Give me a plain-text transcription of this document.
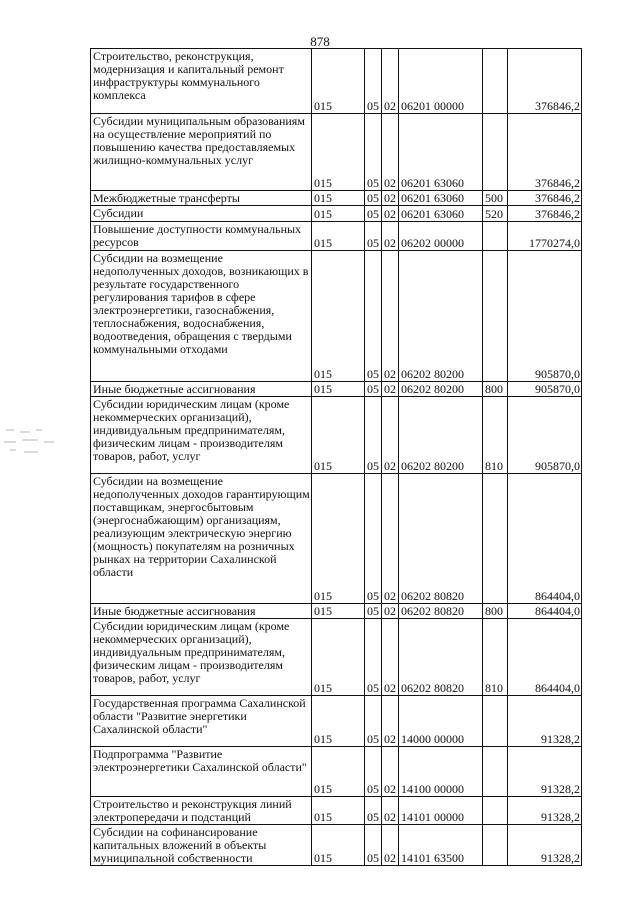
878
Строительство, реконструкция, модернизация и капитальный ремонт инфраструктуры коммунального комплекса	015	05	02	06201 00000		376846,2
Субсидии муниципальным образованиям на осуществление мероприятий по повышению качества предоставляемых жилищно-коммунальных услуг	015	05	02	06201 63060		376846,2
Межбюджетные трансферты	015	05	02	06201 63060	500	376846,2
Субсидии	015	05	02	06201 63060	520	376846,2
Повышение доступности коммунальных ресурсов	015	05	02	06202 00000		1770274,0
Субсидии на возмещение недополученных доходов, возникающих в результате государственного регулирования тарифов в сфере электроэнергетики, газоснабжения, теплоснабжения, водоснабжения, водоотведения, обращения с твердыми коммунальными отходами	015	05	02	06202 80200		905870,0
Иные бюджетные ассигнования	015	05	02	06202 80200	800	905870,0
Субсидии юридическим лицам (кроме некоммерческих организаций), индивидуальным предпринимателям, физическим лицам - производителям товаров, работ, услуг	015	05	02	06202 80200	810	905870,0
Субсидии на возмещение недополученных доходов гарантирующим поставщикам, энергосбытовым (энергоснабжающим) организациям, реализующим электрическую энергию (мощность) покупателям на розничных рынках на территории Сахалинской области	015	05	02	06202 80820		864404,0
Иные бюджетные ассигнования	015	05	02	06202 80820	800	864404,0
Субсидии юридическим лицам (кроме некоммерческих организаций), индивидуальным предпринимателям, физическим лицам - производителям товаров, работ, услуг	015	05	02	06202 80820	810	864404,0
Государственная программа Сахалинской области "Развитие энергетики Сахалинской области"	015	05	02	14000 00000		91328,2
Подпрограмма "Развитие электроэнергетики Сахалинской области"	015	05	02	14100 00000		91328,2
Строительство и реконструкция линий электропередачи и подстанций	015	05	02	14101 00000		91328,2
Субсидии на софинансирование капитальных вложений в объекты муниципальной собственности	015	05	02	14101 63500		91328,2
